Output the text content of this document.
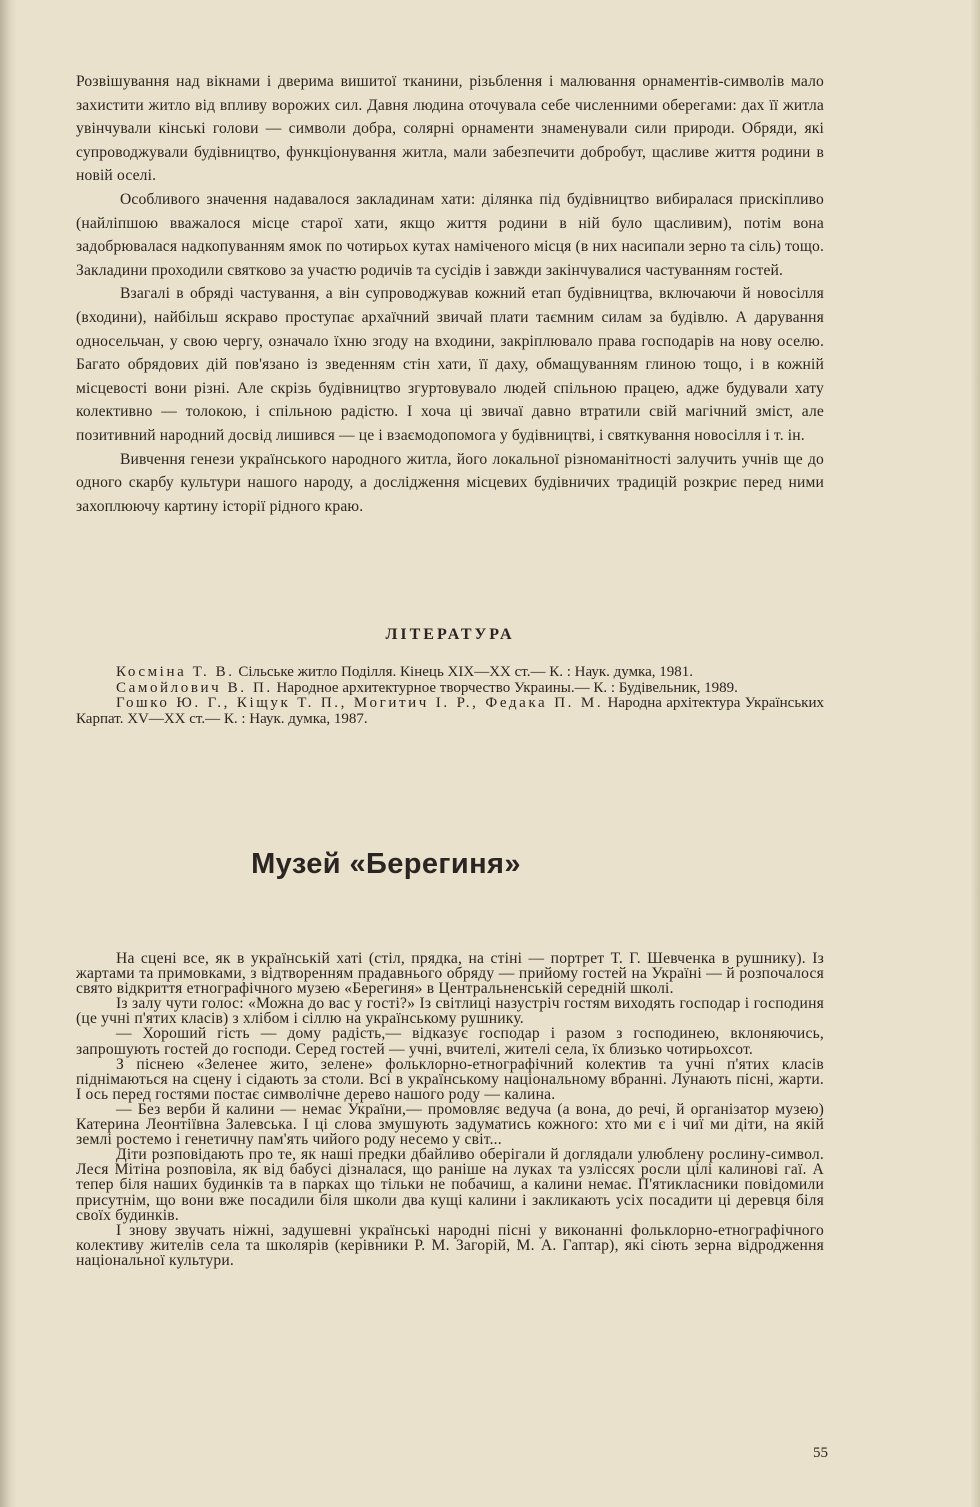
Розвішування над вікнами і дверима вишитої тканини, різьблення і малювання орнаментів-символів мало захистити житло від впливу ворожих сил. Давня людина оточувала себе численними оберегами: дах її житла увінчували кінські голови — символи добра, солярні орнаменти знаменували сили природи. Обряди, які супроводжували будівництво, функціонування житла, мали забезпечити добробут, щасливе життя родини в новій оселі.

Особливого значення надавалося закладинам хати: ділянка під будівництво вибиралася прискіпливо (найліпшою вважалося місце старої хати, якщо життя родини в ній було щасливим), потім вона задобрювалася надкопуванням ямок по чотирьох кутах наміченого місця (в них насипали зерно та сіль) тощо. Закладини проходили святково за участю родичів та сусідів і завжди закінчувалися частуванням гостей.

Взагалі в обряді частування, а він супроводжував кожний етап будівництва, включаючи й новосілля (входини), найбільш яскраво проступає архаїчний звичай плати таємним силам за будівлю. А дарування односельчан, у свою чергу, означало їхню згоду на входини, закріплювало права господарів на нову оселю. Багато обрядових дій пов'язано із зведенням стін хати, її даху, обмащуванням глиною тощо, і в кожній місцевості вони різні. Але скрізь будівництво згуртовувало людей спільною працею, адже будували хату колективно — толокою, і спільною радістю. І хоча ці звичаї давно втратили свій магічний зміст, але позитивний народний досвід лишився — це і взаємодопомога у будівництві, і святкування новосілля і т. ін.

Вивчення генези українського народного житла, його локальної різноманітності залучить учнів ще до одного скарбу культури нашого народу, а дослідження місцевих будівничих традицій розкриє перед ними захоплюючу картину історії рідного краю.

ЛІТЕРАТУРА

Косміна Т. В. Сільське житло Поділля. Кінець XIX—XX ст.— К. : Наук. думка, 1981.

Самойлович В. П. Народное архитектурное творчество Украины.— К. : Будівельник, 1989.

Гошко Ю. Г., Кіщук Т. П., Могитич І. Р., Федака П. М. Народна архітектура Українських Карпат. XV—XX ст.— К. : Наук. думка, 1987.

Музей «Берегиня»

На сцені все, як в українській хаті (стіл, прядка, на стіні — портрет Т. Г. Шевченка в рушнику). Із жартами та примовками, з відтворенням прадавнього обряду — прийому гостей на Україні — й розпочалося свято відкриття етнографічного музею «Берегиня» в Центральненській середній школі.

Із залу чути голос: «Можна до вас у гості?» Із світлиці назустріч гостям виходять господар і господиня (це учні п'ятих класів) з хлібом і сіллю на українському рушнику.

— Хороший гість — дому радість,— відказує господар і разом з господинею, вклоняючись, запрошують гостей до господи. Серед гостей — учні, вчителі, жителі села, їх близько чотирьохсот.

З піснею «Зеленее жито, зелене» фольклорно-етнографічний колектив та учні п'ятих класів піднімаються на сцену і сідають за столи. Всі в українському національному вбранні. Лунають пісні, жарти. І ось перед гостями постає символічне дерево нашого роду — калина.

— Без верби й калини — немає України,— промовляє ведуча (а вона, до речі, й організатор музею) Катерина Леонтіївна Залевська. І ці слова змушують задуматись кожного: хто ми є і чиї ми діти, на якій землі ростемо і генетичну пам'ять чийого роду несемо у світ...

Діти розповідають про те, як наші предки дбайливо оберігали й доглядали улюблену рослину-символ. Леся Мітіна розповіла, як від бабусі дізналася, що раніше на луках та узліссях росли цілі калинові гаї. А тепер біля наших будинків та в парках що тільки не побачиш, а калини немає. П'ятикласники повідомили присутнім, що вони вже посадили біля школи два кущі калини і закликають усіх посадити ці деревця біля своїх будинків.

І знову звучать ніжні, задушевні українські народні пісні у виконанні фольклорно-етнографічного колективу жителів села та школярів (керівники Р. М. Загорій, М. А. Гаптар), які сіють зерна відродження національної культури.

55
